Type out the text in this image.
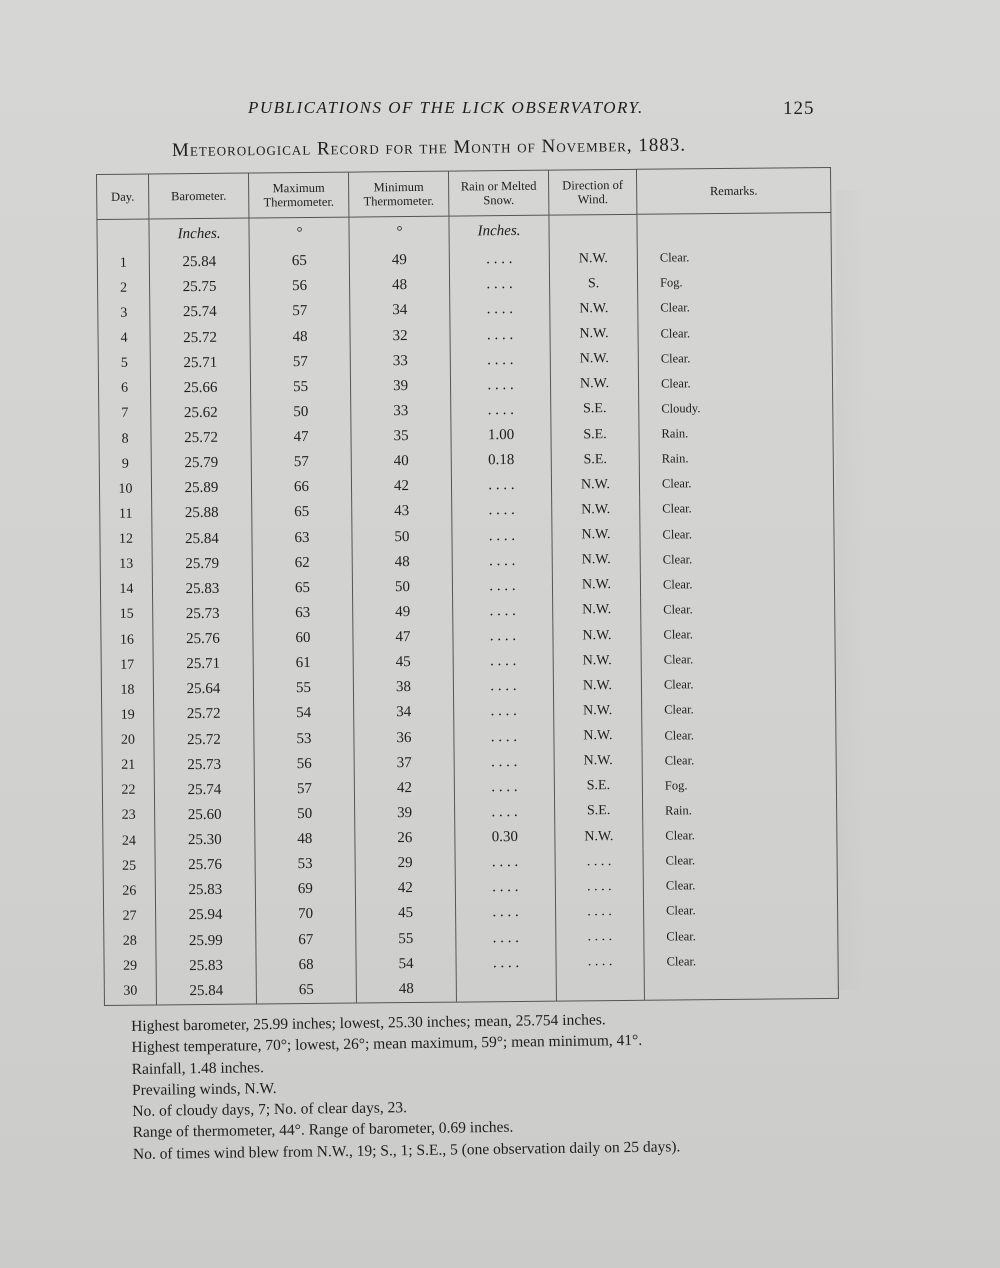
PUBLICATIONS OF THE LICK OBSERVATORY.	125
Meteorological Record for the Month of November, 1883.
Day.	Barometer.	Maximum Thermometer.	Minimum Thermometer.	Rain or Melted Snow.	Direction of Wind.	Remarks.
	Inches.	°	°	Inches.		
1	25.84	65	49	. . . .	N.W.	Clear.
2	25.75	56	48	. . . .	S.	Fog.
3	25.74	57	34	. . . .	N.W.	Clear.
4	25.72	48	32	. . . .	N.W.	Clear.
5	25.71	57	33	. . . .	N.W.	Clear.
6	25.66	55	39	. . . .	N.W.	Clear.
7	25.62	50	33	. . . .	S.E.	Cloudy.
8	25.72	47	35	1.00	S.E.	Rain.
9	25.79	57	40	0.18	S.E.	Rain.
10	25.89	66	42	. . . .	N.W.	Clear.
11	25.88	65	43	. . . .	N.W.	Clear.
12	25.84	63	50	. . . .	N.W.	Clear.
13	25.79	62	48	. . . .	N.W.	Clear.
14	25.83	65	50	. . . .	N.W.	Clear.
15	25.73	63	49	. . . .	N.W.	Clear.
16	25.76	60	47	. . . .	N.W.	Clear.
17	25.71	61	45	. . . .	N.W.	Clear.
18	25.64	55	38	. . . .	N.W.	Clear.
19	25.72	54	34	. . . .	N.W.	Clear.
20	25.72	53	36	. . . .	N.W.	Clear.
21	25.73	56	37	. . . .	N.W.	Clear.
22	25.74	57	42	. . . .	S.E.	Fog.
23	25.60	50	39	. . . .	S.E.	Rain.
24	25.30	48	26	0.30	N.W.	Clear.
25	25.76	53	29	. . . .	. . . .	Clear.
26	25.83	69	42	. . . .	. . . .	Clear.
27	25.94	70	45	. . . .	. . . .	Clear.
28	25.99	67	55	. . . .	. . . .	Clear.
29	25.83	68	54	. . . .	. . . .	Clear.
30	25.84	65	48			
Highest barometer, 25.99 inches; lowest, 25.30 inches; mean, 25.754 inches.
Highest temperature, 70°; lowest, 26°; mean maximum, 59°; mean minimum, 41°.
Rainfall, 1.48 inches.
Prevailing winds, N.W.
No. of cloudy days, 7; No. of clear days, 23.
Range of thermometer, 44°. Range of barometer, 0.69 inches.
No. of times wind blew from N.W., 19; S., 1; S.E., 5 (one observation daily on 25 days).
